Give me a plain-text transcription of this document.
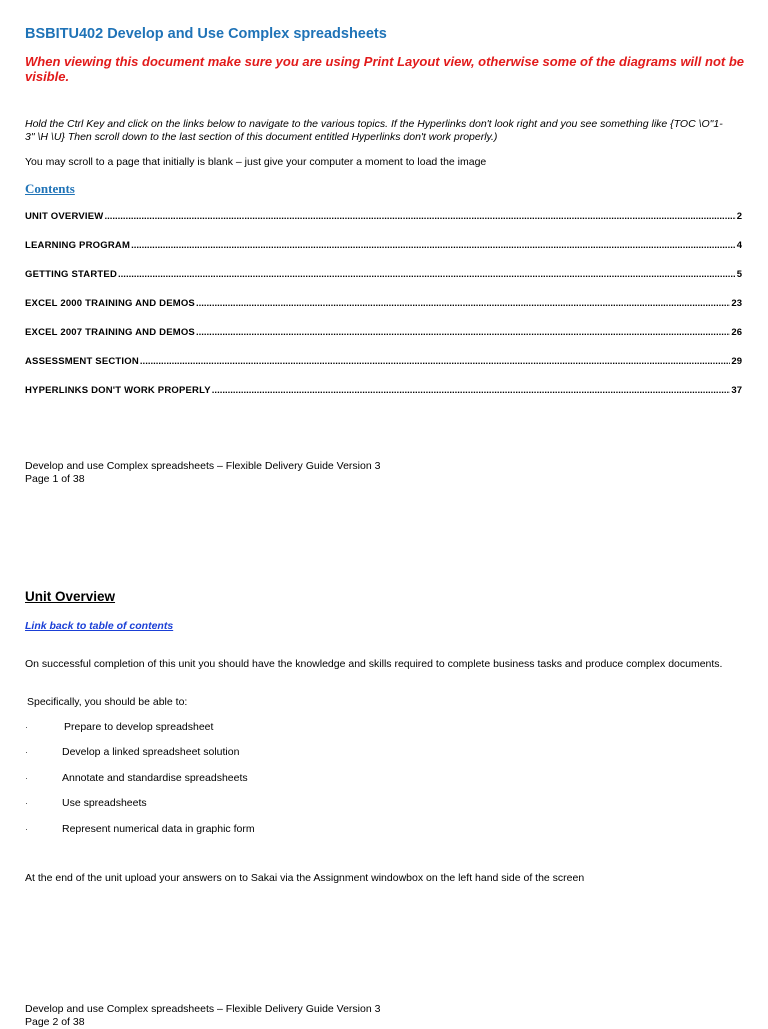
BSBITU402 Develop and Use Complex spreadsheets
When viewing this document make sure you are using Print Layout view, otherwise some of the diagrams will not be visible.
Hold the Ctrl Key and click on the links below to navigate to the various topics. If the Hyperlinks don't look right and you see something like {TOC \O"1-3" \H \U} Then scroll down to the last section of this document entitled Hyperlinks don't work properly.)
You may scroll to a page that initially is blank – just give your computer a moment to load the image
Contents
UNIT OVERVIEW .....	2
LEARNING PROGRAM .....	4
GETTING STARTED .....	5
EXCEL 2000 TRAINING AND DEMOS .....	23
EXCEL 2007 TRAINING AND DEMOS .....	26
ASSESSMENT SECTION .....	29
HYPERLINKS DON'T WORK PROPERLY .....	37
Develop and use Complex spreadsheets – Flexible Delivery Guide Version 3
Page 1 of 38
Unit Overview
Link back to table of contents
On successful completion of this unit you should have the knowledge and skills required to complete business tasks and produce complex documents.
Specifically, you should be able to:
·	Prepare to develop spreadsheet
·	Develop a linked spreadsheet solution
·	Annotate and standardise spreadsheets
·	Use spreadsheets
·	Represent numerical data in graphic form
At the end of the unit upload your answers on to Sakai via the Assignment windowbox on the left hand side of the screen
Develop and use Complex spreadsheets – Flexible Delivery Guide Version 3
Page 2 of 38
